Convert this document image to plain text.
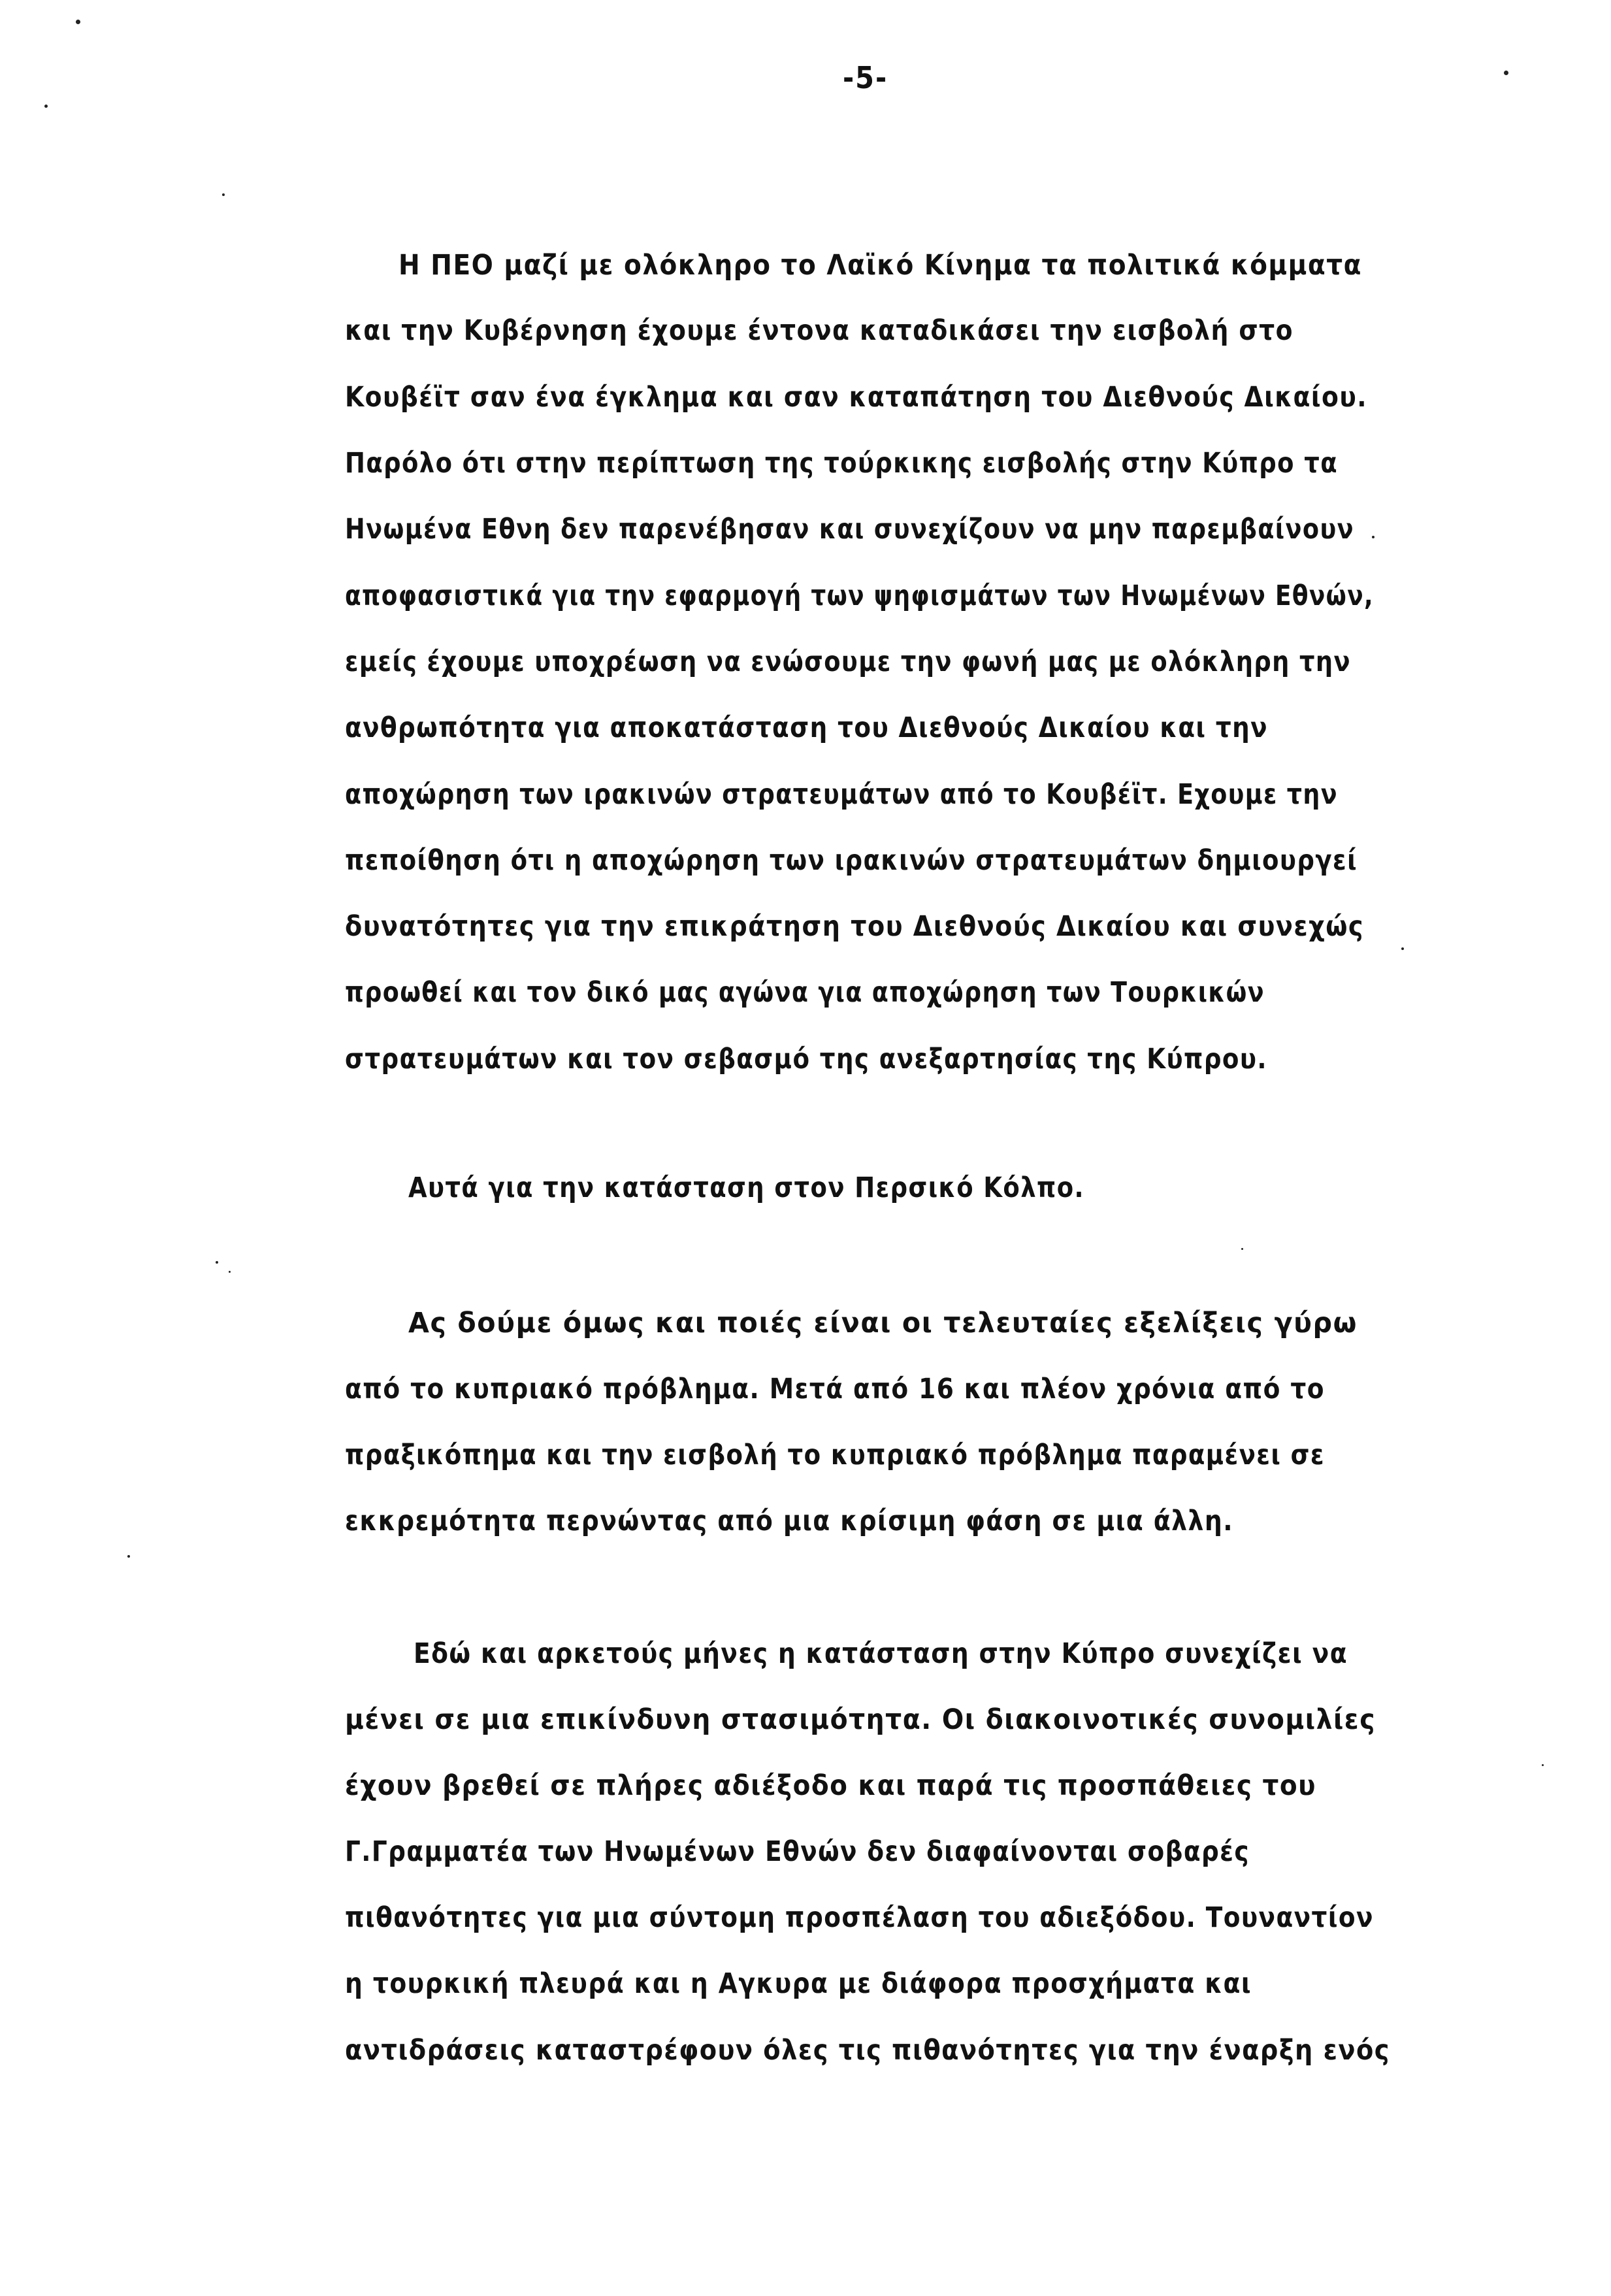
-5-
Η ΠΕΟ μαζί με ολόκληρο το Λαϊκό Κίνημα τα πολιτικά κόμματα
και την Κυβέρνηση έχουμε έντονα καταδικάσει την εισβολή στο
Κουβέϊτ σαν ένα έγκλημα και σαν καταπάτηση του Διεθνούς Δικαίου.
Παρόλο ότι στην περίπτωση της τούρκικης εισβολής στην Κύπρο τα
Ηνωμένα Εθνη δεν παρενέβησαν και συνεχίζουν να μην παρεμβαίνουν
αποφασιστικά για την εφαρμογή των ψηφισμάτων των Ηνωμένων Εθνών,
εμείς έχουμε υποχρέωση να ενώσουμε την φωνή μας με ολόκληρη την
ανθρωπότητα για αποκατάσταση του Διεθνούς Δικαίου και την
αποχώρηση των ιρακινών στρατευμάτων από το Κουβέϊτ. Εχουμε την
πεποίθηση ότι η αποχώρηση των ιρακινών στρατευμάτων δημιουργεί
δυνατότητες για την επικράτηση του Διεθνούς Δικαίου και συνεχώς
προωθεί και τον δικό μας αγώνα για αποχώρηση των Τουρκικών
στρατευμάτων και τον σεβασμό της ανεξαρτησίας της Κύπρου.
Αυτά για την κατάσταση στον Περσικό Κόλπο.
Ας δούμε όμως και ποιές είναι οι τελευταίες εξελίξεις γύρω
από το κυπριακό πρόβλημα. Μετά από 16 και πλέον χρόνια από το
πραξικόπημα και την εισβολή το κυπριακό πρόβλημα παραμένει σε
εκκρεμότητα περνώντας από μια κρίσιμη φάση σε μια άλλη.
Εδώ και αρκετούς μήνες η κατάσταση στην Κύπρο συνεχίζει να
μένει σε μια επικίνδυνη στασιμότητα. Οι διακοινοτικές συνομιλίες
έχουν βρεθεί σε πλήρες αδιέξοδο και παρά τις προσπάθειες του
Γ.Γραμματέα των Ηνωμένων Εθνών δεν διαφαίνονται σοβαρές
πιθανότητες για μια σύντομη προσπέλαση του αδιεξόδου. Τουναντίον
η τουρκική πλευρά και η Αγκυρα με διάφορα προσχήματα και
αντιδράσεις καταστρέφουν όλες τις πιθανότητες για την έναρξη ενός
